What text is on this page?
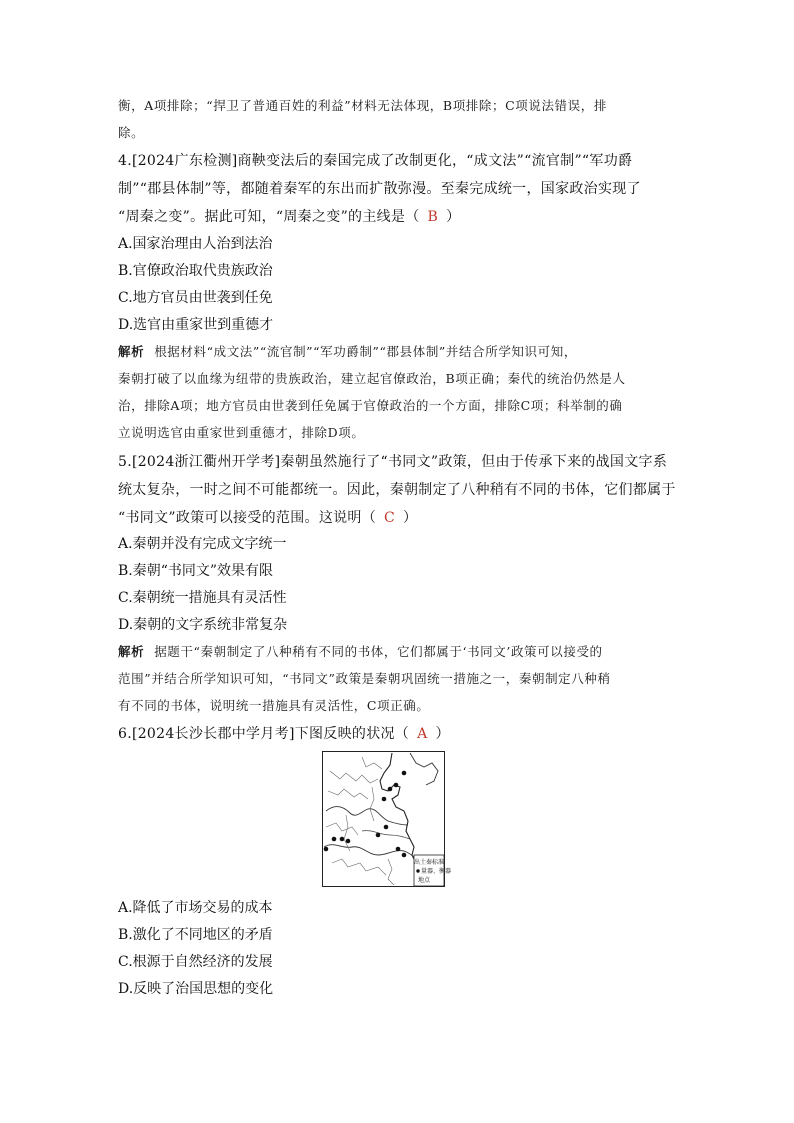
衡，A项排除；“捍卫了普通百姓的利益”材料无法体现，B项排除；C项说法错误，排
除。
4.[2024广东检测]商鞅变法后的秦国完成了改制更化，“成文法”“流官制”“军功爵
制”“郡县体制”等，都随着秦军的东出而扩散弥漫。至秦完成统一，国家政治实现了
“周秦之变”。据此可知，“周秦之变”的主线是（ B ）
A.国家治理由人治到法治
B.官僚政治取代贵族政治
C.地方官员由世袭到任免
D.选官由重家世到重德才
解析 根据材料“成文法”“流官制”“军功爵制”“郡县体制”并结合所学知识可知，
秦朝打破了以血缘为纽带的贵族政治，建立起官僚政治，B项正确；秦代的统治仍然是人
治，排除A项；地方官员由世袭到任免属于官僚政治的一个方面，排除C项；科举制的确
立说明选官由重家世到重德才，排除D项。
5.[2024浙江衢州开学考]秦朝虽然施行了“书同文”政策，但由于传承下来的战国文字系
统太复杂，一时之间不可能都统一。因此，秦朝制定了八种稍有不同的书体，它们都属于
“书同文”政策可以接受的范围。这说明（ C ）
A.秦朝并没有完成文字统一
B.秦朝“书同文”效果有限
C.秦朝统一措施具有灵活性
D.秦朝的文字系统非常复杂
解析 据题干“秦朝制定了八种稍有不同的书体，它们都属于‘书同文’政策可以接受的
范围”并结合所学知识可知，“书同文”政策是秦朝巩固统一措施之一，秦朝制定八种稍
有不同的书体，说明统一措施具有灵活性，C项正确。
6.[2024长沙长郡中学月考]下图反映的状况（ A ）
出土秦标准
量器、衡器
地点
A.降低了市场交易的成本
B.激化了不同地区的矛盾
C.根源于自然经济的发展
D.反映了治国思想的变化
